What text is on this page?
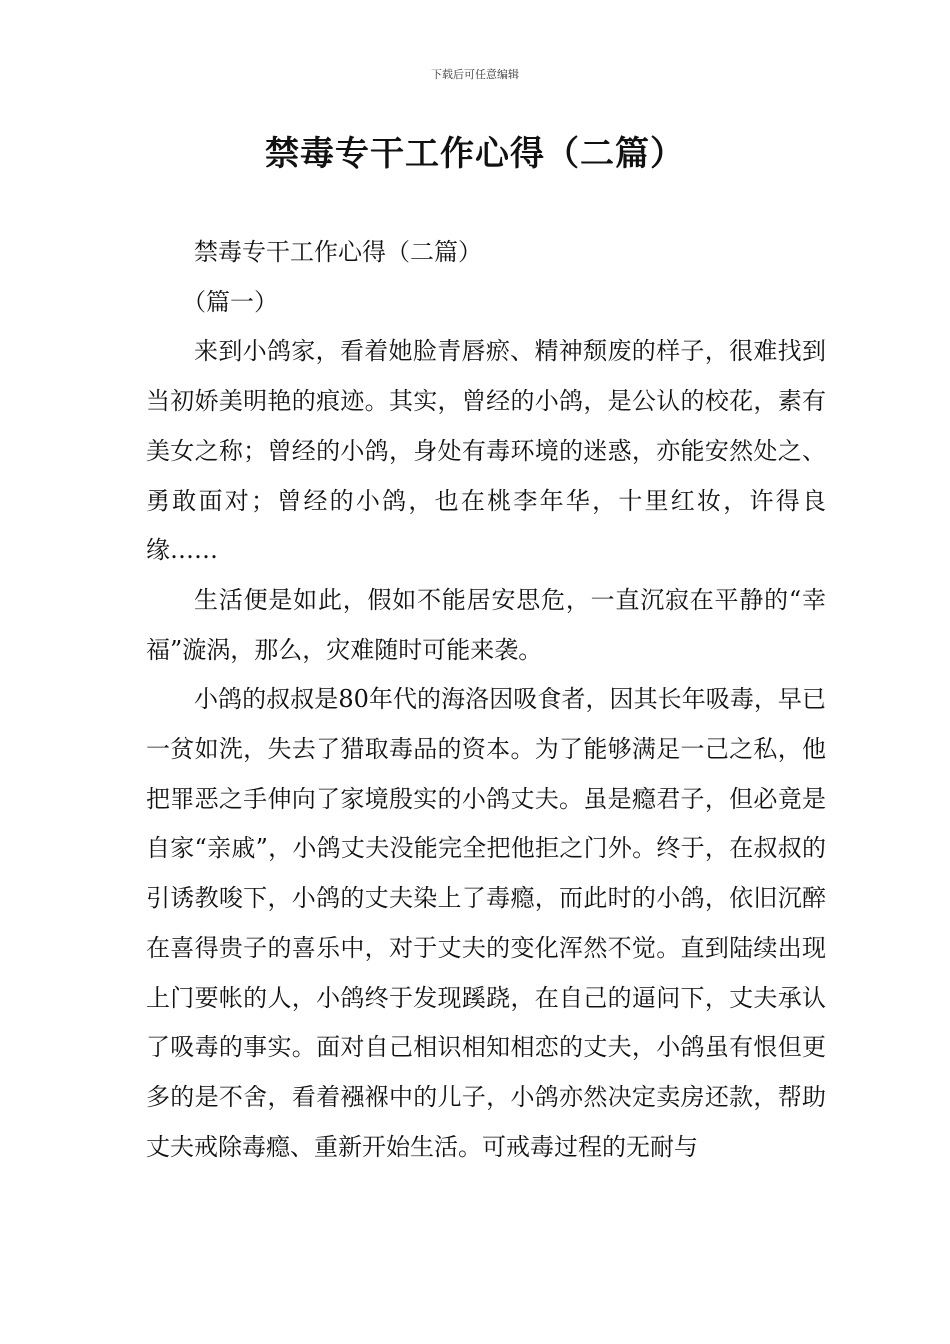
下载后可任意编辑
禁毒专干工作心得（二篇）

禁毒专干工作心得（二篇）

（篇一）

来到小鸽家，看着她脸青唇瘀、精神颓废的样子，很难找到当初娇美明艳的痕迹。其实，曾经的小鸽，是公认的校花，素有美女之称；曾经的小鸽，身处有毒环境的迷惑，亦能安然处之、勇敢面对；曾经的小鸽，也在桃李年华，十里红妆，许得良缘……

生活便是如此，假如不能居安思危，一直沉寂在平静的“幸福”漩涡，那么，灾难随时可能来袭。

小鸽的叔叔是80年代的海洛因吸食者，因其长年吸毒，早已一贫如洗，失去了猎取毒品的资本。为了能够满足一己之私，他把罪恶之手伸向了家境殷实的小鸽丈夫。虽是瘾君子，但必竟是自家“亲戚”，小鸽丈夫没能完全把他拒之门外。终于，在叔叔的引诱教唆下，小鸽的丈夫染上了毒瘾，而此时的小鸽，依旧沉醉在喜得贵子的喜乐中，对于丈夫的变化浑然不觉。直到陆续出现上门要帐的人，小鸽终于发现蹊跷，在自己的逼问下，丈夫承认了吸毒的事实。面对自己相识相知相恋的丈夫，小鸽虽有恨但更多的是不舍，看着襁褓中的儿子，小鸽亦然决定卖房还款，帮助丈夫戒除毒瘾、重新开始生活。可戒毒过程的无耐与
